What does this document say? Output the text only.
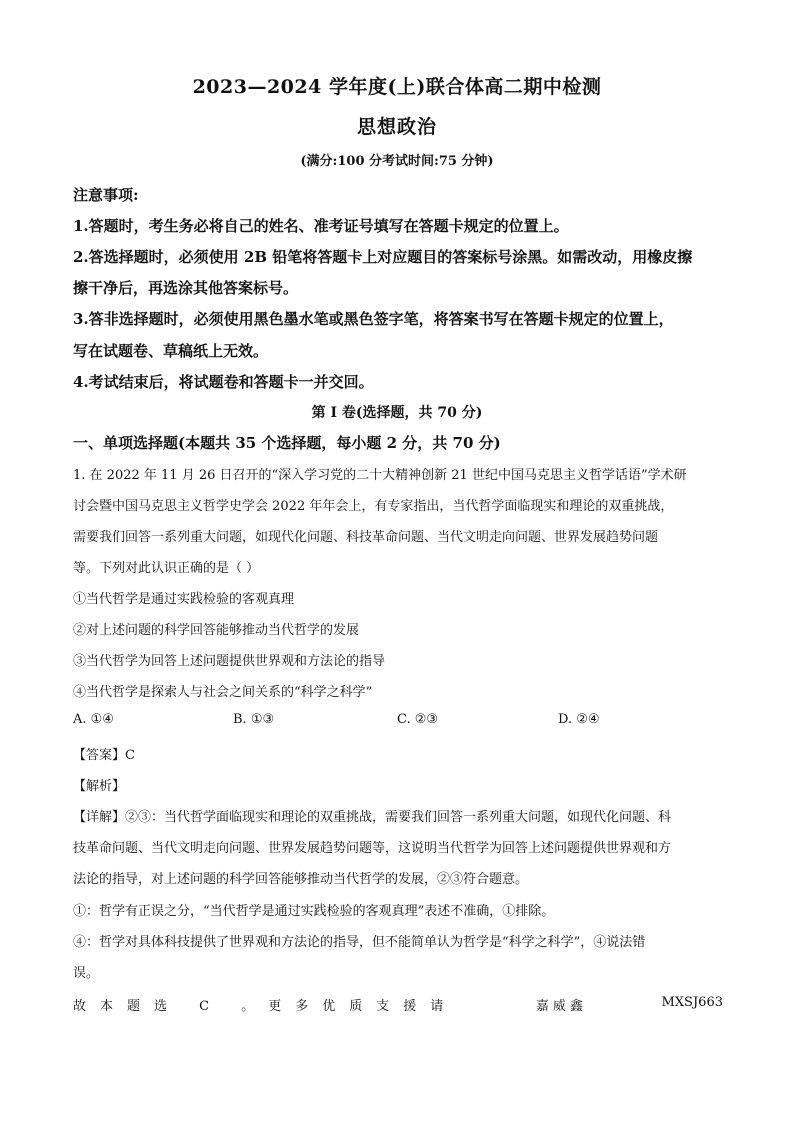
2023—2024 学年度(上)联合体高二期中检测
思想政治
(满分:100 分考试时间:75 分钟)
注意事项:
1.答题时，考生务必将自己的姓名、准考证号填写在答题卡规定的位置上。
2.答选择题时，必须使用 2B 铅笔将答题卡上对应题目的答案标号涂黑。如需改动，用橡皮擦
擦干净后，再选涂其他答案标号。
3.答非选择题时，必须使用黑色墨水笔或黑色签字笔，将答案书写在答题卡规定的位置上，
写在试题卷、草稿纸上无效。
4.考试结束后，将试题卷和答题卡一并交回。
第 I 卷(选择题，共 70 分)
一、单项选择题(本题共 35 个选择题，每小题 2 分，共 70 分)
1. 在 2022 年 11 月 26 日召开的“深入学习党的二十大精神创新 21 世纪中国马克思主义哲学话语”学术研
讨会暨中国马克思主义哲学史学会 2022 年年会上，有专家指出，当代哲学面临现实和理论的双重挑战，
需要我们回答一系列重大问题，如现代化问题、科技革命问题、当代文明走向问题、世界发展趋势问题
等。下列对此认识正确的是（ ）
①当代哲学是通过实践检验的客观真理
②对上述问题的科学回答能够推动当代哲学的发展
③当代哲学为回答上述问题提供世界观和方法论的指导
④当代哲学是探索人与社会之间关系的“科学之科学”
A. ①④	B. ①③	C. ②③	D. ②④
【答案】C
【解析】
【详解】②③：当代哲学面临现实和理论的双重挑战，需要我们回答一系列重大问题，如现代化问题、科
技革命问题、当代文明走向问题、世界发展趋势问题等，这说明当代哲学为回答上述问题提供世界观和方
法论的指导，对上述问题的科学回答能够推动当代哲学的发展，②③符合题意。
①：哲学有正误之分，“当代哲学是通过实践检验的客观真理”表述不准确，①排除。
④：哲学对具体科技提供了世界观和方法论的指导，但不能简单认为哲学是“科学之科学”，④说法错
误。
故本题选 C 。更多优质支援请	嘉 威 鑫	MXSJ663
